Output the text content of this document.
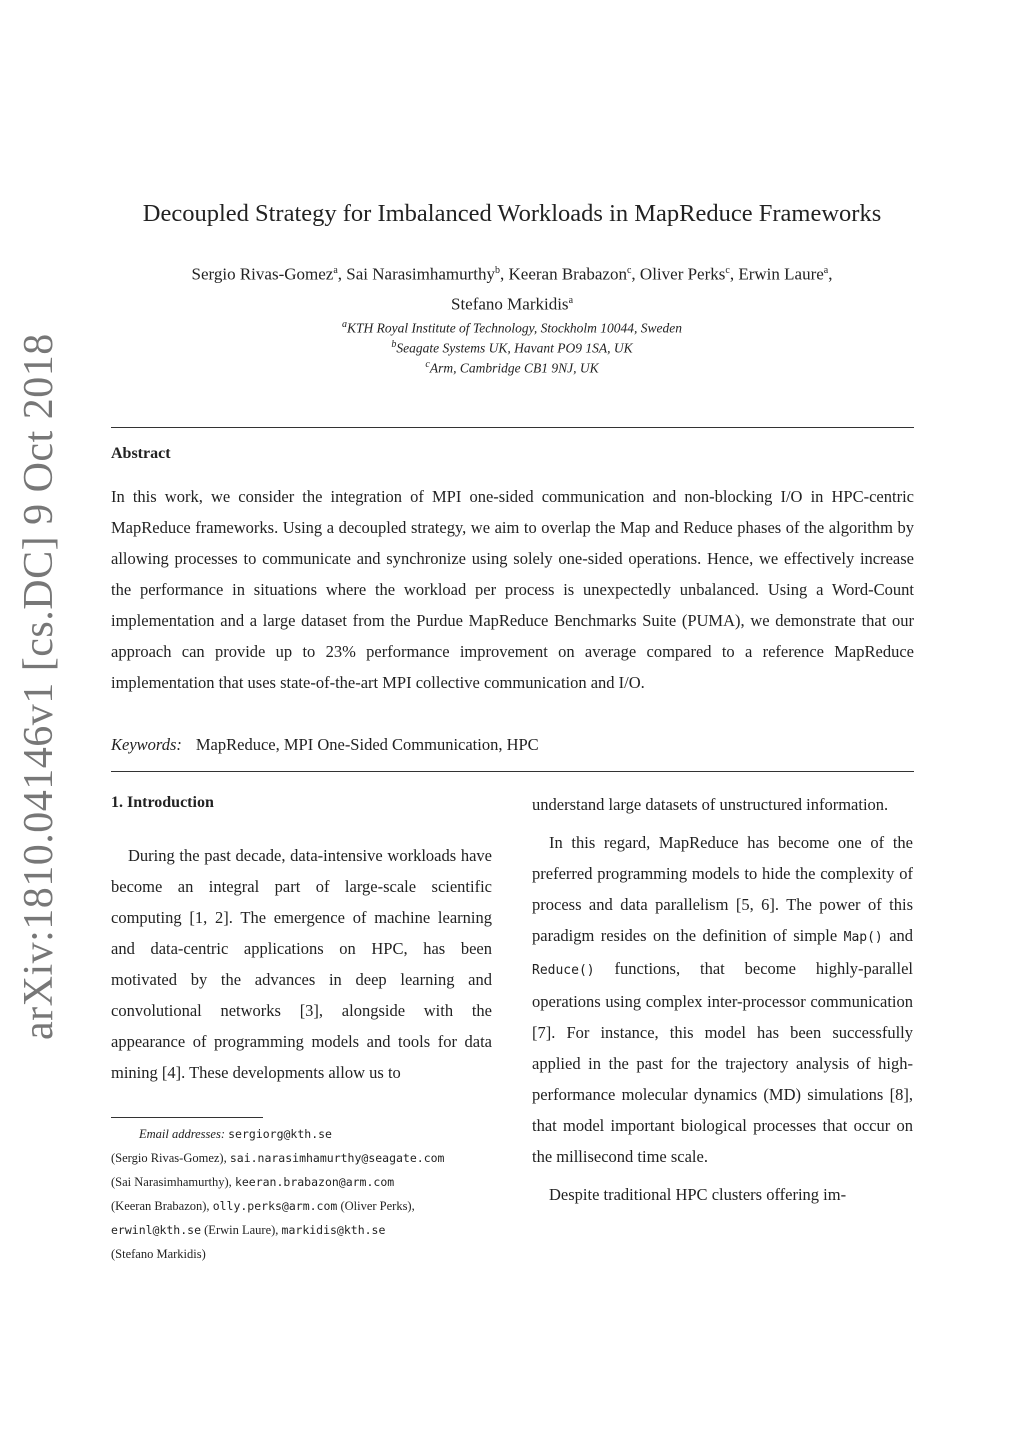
arXiv:1810.04146v1 [cs.DC] 9 Oct 2018
Decoupled Strategy for Imbalanced Workloads in MapReduce Frameworks
Sergio Rivas-Gomez$^a$, Sai Narasimhamurthy$^b$, Keeran Brabazon$^c$, Oliver Perks$^c$, Erwin Laure$^a$,
Stefano Markidis$^a$
$^a$KTH Royal Institute of Technology, Stockholm 10044, Sweden
$^b$Seagate Systems UK, Havant PO9 1SA, UK
$^c$Arm, Cambridge CB1 9NJ, UK
Abstract
In this work, we consider the integration of MPI one-sided communication and non-blocking I/O in HPC-centric MapReduce frameworks. Using a decoupled strategy, we aim to overlap the Map and Reduce phases of the algorithm by allowing processes to communicate and synchronize using solely one-sided operations. Hence, we effectively increase the performance in situations where the workload per process is unexpectedly unbalanced. Using a Word-Count implementation and a large dataset from the Purdue MapReduce Benchmarks Suite (PUMA), we demonstrate that our approach can provide up to 23% performance improvement on average compared to a reference MapReduce implementation that uses state-of-the-art MPI collective communication and I/O.
Keywords: MapReduce, MPI One-Sided Communication, HPC
1. Introduction
During the past decade, data-intensive workloads have become an integral part of large-scale scientific computing [1, 2]. The emergence of machine learning and data-centric applications on HPC, has been motivated by the advances in deep learning and convolutional networks [3], alongside with the appearance of programming models and tools for data mining [4]. These developments allow us to
understand large datasets of unstructured information.
In this regard, MapReduce has become one of the preferred programming models to hide the complexity of process and data parallelism [5, 6]. The power of this paradigm resides on the definition of simple Map() and Reduce() functions, that become highly-parallel operations using complex inter-processor communication [7]. For instance, this model has been successfully applied in the past for the trajectory analysis of high-performance molecular dynamics (MD) simulations [8], that model important biological processes that occur on the millisecond time scale.
Despite traditional HPC clusters offering im-
Email addresses: sergiorg@kth.se
(Sergio Rivas-Gomez), sai.narasimhamurthy@seagate.com
(Sai Narasimhamurthy), keeran.brabazon@arm.com
(Keeran Brabazon), olly.perks@arm.com (Oliver Perks),
erwinl@kth.se (Erwin Laure), markidis@kth.se
(Stefano Markidis)
